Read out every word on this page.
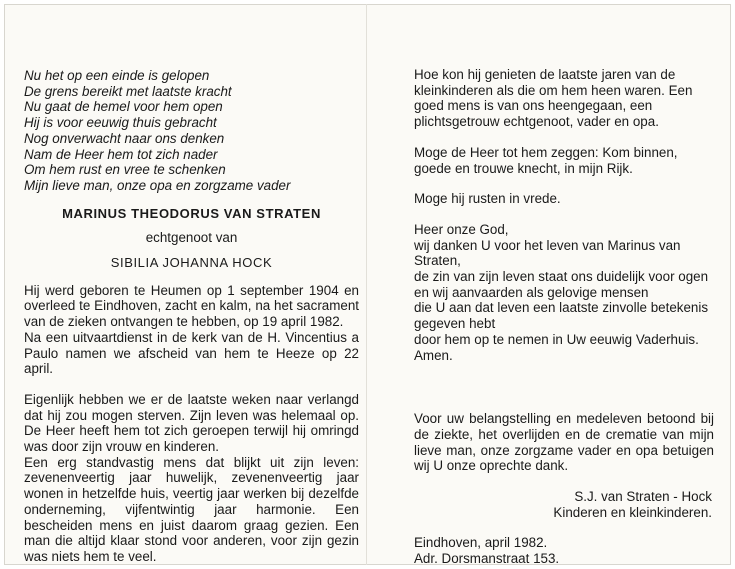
Nu het op een einde is gelopen
De grens bereikt met laatste kracht
Nu gaat de hemel voor hem open
Hij is voor eeuwig thuis gebracht
Nog onverwacht naar ons denken
Nam de Heer hem tot zich nader
Om hem rust en vree te schenken
Mijn lieve man, onze opa en zorgzame vader
MARINUS THEODORUS VAN STRATEN
echtgenoot van
SIBILIA JOHANNA HOCK
Hij werd geboren te Heumen op 1 september 1904 en overleed te Eindhoven, zacht en kalm, na het sacrament van de zieken ontvangen te hebben, op 19 april 1982.
Na een uitvaartdienst in de kerk van de H. Vincentius a Paulo namen we afscheid van hem te Heeze op 22 april.
Eigenlijk hebben we er de laatste weken naar verlangd dat hij zou mogen sterven. Zijn leven was helemaal op. De Heer heeft hem tot zich geroepen terwijl hij omringd was door zijn vrouw en kinderen.
Een erg standvastig mens dat blijkt uit zijn leven: zevenenveertig jaar huwelijk, zevenenveertig jaar wonen in hetzelfde huis, veertig jaar werken bij dezelfde onderneming, vijfentwintig jaar harmonie. Een bescheiden mens en juist daarom graag gezien. Een man die altijd klaar stond voor anderen, voor zijn gezin was niets hem te veel.
Hoe kon hij genieten de laatste jaren van de kleinkinderen als die om hem heen waren. Een goed mens is van ons heengegaan, een plichtsgetrouw echtgenoot, vader en opa.
Moge de Heer tot hem zeggen: Kom binnen, goede en trouwe knecht, in mijn Rijk.
Moge hij rusten in vrede.
Heer onze God,
wij danken U voor het leven van Marinus van Straten,
de zin van zijn leven staat ons duidelijk voor ogen
en wij aanvaarden als gelovige mensen
die U aan dat leven een laatste zinvolle betekenis gegeven hebt
door hem op te nemen in Uw eeuwig Vaderhuis. Amen.
Voor uw belangstelling en medeleven betoond bij de ziekte, het overlijden en de crematie van mijn lieve man, onze zorgzame vader en opa betuigen wij U onze oprechte dank.
S.J. van Straten - Hock
Kinderen en kleinkinderen.
Eindhoven, april 1982.
Adr. Dorsmanstraat 153.
